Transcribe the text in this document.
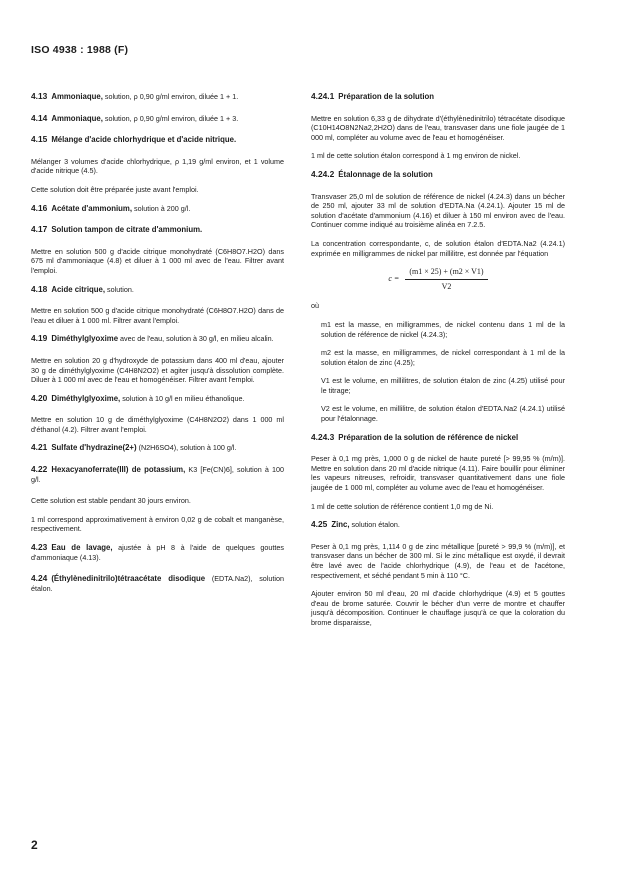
ISO 4938 : 1988 (F)
4.13 Ammoniaque, solution, ρ 0,90 g/ml environ, diluée 1 + 1.
4.14 Ammoniaque, solution, ρ 0,90 g/ml environ, diluée 1 + 3.
4.15 Mélange d'acide chlorhydrique et d'acide nitrique.
Mélanger 3 volumes d'acide chlorhydrique, ρ 1,19 g/ml environ, et 1 volume d'acide nitrique (4.5).
Cette solution doit être préparée juste avant l'emploi.
4.16 Acétate d'ammonium, solution à 200 g/l.
4.17 Solution tampon de citrate d'ammonium.
Mettre en solution 500 g d'acide citrique monohydraté (C6H8O7.H2O) dans 675 ml d'ammoniaque (4.8) et diluer à 1 000 ml avec de l'eau. Filtrer avant l'emploi.
4.18 Acide citrique, solution.
Mettre en solution 500 g d'acide citrique monohydraté (C6H8O7.H2O) dans de l'eau et diluer à 1 000 ml. Filtrer avant l'emploi.
4.19 Diméthylglyoxime avec de l'eau, solution à 30 g/l, en milieu alcalin.
Mettre en solution 20 g d'hydroxyde de potassium dans 400 ml d'eau, ajouter 30 g de diméthylglyoxime (C4H8N2O2) et agiter jusqu'à dissolution complète. Diluer à 1 000 ml avec de l'eau et homogénéiser. Filtrer avant l'emploi.
4.20 Diméthylglyoxime, solution à 10 g/l en milieu éthanolique.
Mettre en solution 10 g de diméthylglyoxime (C4H8N2O2) dans 1 000 ml d'éthanol (4.2). Filtrer avant l'emploi.
4.21 Sulfate d'hydrazine(2+) (N2H6SO4), solution à 100 g/l.
4.22 Hexacyanoferrate(III) de potassium, K3 [Fe(CN)6], solution à 100 g/l.
Cette solution est stable pendant 30 jours environ.
1 ml correspond approximativement à environ 0,02 g de cobalt et manganèse, respectivement.
4.23 Eau de lavage, ajustée à pH 8 à l'aide de quelques gouttes d'ammoniaque (4.13).
4.24 (Éthylènedinitrilo)tétraacétate disodique (EDTA.Na2), solution étalon.
4.24.1 Préparation de la solution
Mettre en solution 6,33 g de dihydrate d'(éthylènedinitrilo) tétracétate disodique (C10H14O8N2Na2,2H2O) dans de l'eau, transvaser dans une fiole jaugée de 1 000 ml, compléter au volume avec de l'eau et homogénéiser.
1 ml de cette solution étalon correspond à 1 mg environ de nickel.
4.24.2 Étalonnage de la solution
Transvaser 25,0 ml de solution de référence de nickel (4.24.3) dans un bécher de 250 ml, ajouter 33 ml de solution d'EDTA.Na (4.24.1). Ajouter 15 ml de solution d'acétate d'ammonium (4.16) et diluer à 150 ml environ avec de l'eau. Continuer comme indiqué au troisième alinéa en 7.2.5.
La concentration correspondante, c, de solution étalon d'EDTA.Na2 (4.24.1) exprimée en milligrammes de nickel par millilitre, est donnée par l'équation
$c = \frac{(m1 \times 25) + (m2 \times V1)}{V2}$
où
m1 est la masse, en milligrammes, de nickel contenu dans 1 ml de la solution de référence de nickel (4.24.3);
m2 est la masse, en milligrammes, de nickel correspondant à 1 ml de la solution étalon de zinc (4.25);
V1 est le volume, en millilitres, de solution étalon de zinc (4.25) utilisé pour le titrage;
V2 est le volume, en millilitre, de solution étalon d'EDTA.Na2 (4.24.1) utilisé pour l'étalonnage.
4.24.3 Préparation de la solution de référence de nickel
Peser à 0,1 mg près, 1,000 0 g de nickel de haute pureté [> 99,95 % (m/m)]. Mettre en solution dans 20 ml d'acide nitrique (4.11). Faire bouillir pour éliminer les vapeurs nitreuses, refroidir, transvaser quantitativement dans une fiole jaugée de 1 000 ml, compléter au volume avec de l'eau et homogénéiser.
1 ml de cette solution de référence contient 1,0 mg de Ni.
4.25 Zinc, solution étalon.
Peser à 0,1 mg près, 1,114 0 g de zinc métallique [pureté > 99,9 % (m/m)], et transvaser dans un bécher de 300 ml. Si le zinc métallique est oxydé, il devrait être lavé avec de l'acide chlorhydrique (4.9), de l'eau et de l'acétone, respectivement, et séché pendant 5 min à 110 °C.
Ajouter environ 50 ml d'eau, 20 ml d'acide chlorhydrique (4.9) et 5 gouttes d'eau de brome saturée. Couvrir le bécher d'un verre de montre et chauffer jusqu'à décomposition. Continuer le chauffage jusqu'à ce que la coloration du brome disparaisse,
2
